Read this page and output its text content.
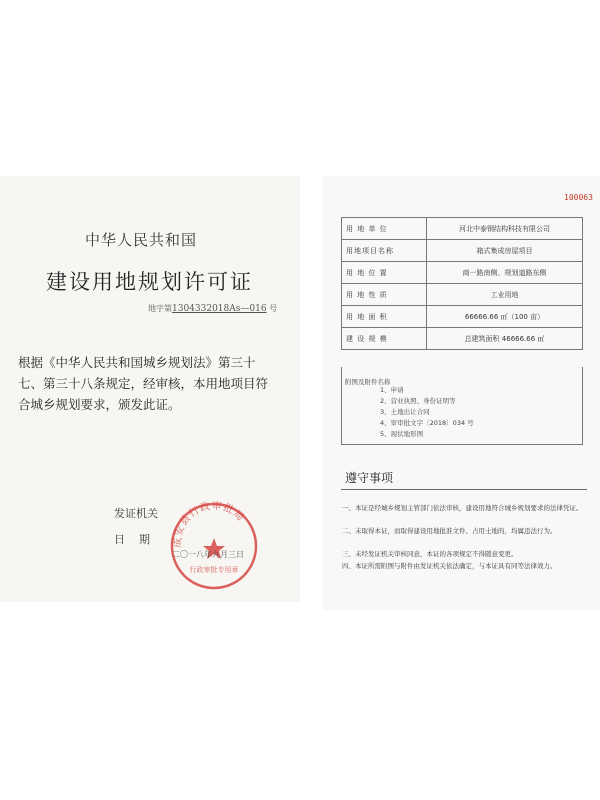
中华人民共和国
建设用地规划许可证
地字第1304332018As—016 号
根据《中华人民共和国城乡规划法》第三十七、第三十八条规定，经审核，本用地项目符合城乡规划要求，颁发此证。
发证机关
日期 成安县行政审批局
行政审批专用章
二〇一八年九月三日
100063
用 地 单 位	河北中泰钢结构科技有限公司
用地项目名称	箱式集成房屋项目
用 地 位 置	商一路南侧、规划道路东侧
用 地 性 质	工业用地
用 地 面 积	66666.66 ㎡（100 亩）
建 设 规 模	总建筑面积 46666.66 ㎡
附图及附件名称
1、申请
2、营业执照、身份证明等
3、土地出让合同
4、审审批文字〔2018〕034 号
5、现状地形图
遵守事项
一、本证是经城乡规划主管部门依法审核，建设用地符合城乡规划要求的法律凭证。
二、未取得本证，而取得建设用地批准文件、占用土地的，均属违法行为。
三、未经发证机关审核同意，本证的各项规定不得随意变更。
四、本证所需附图与附件由发证机关依法确定，与本证具有同等法律效力。
